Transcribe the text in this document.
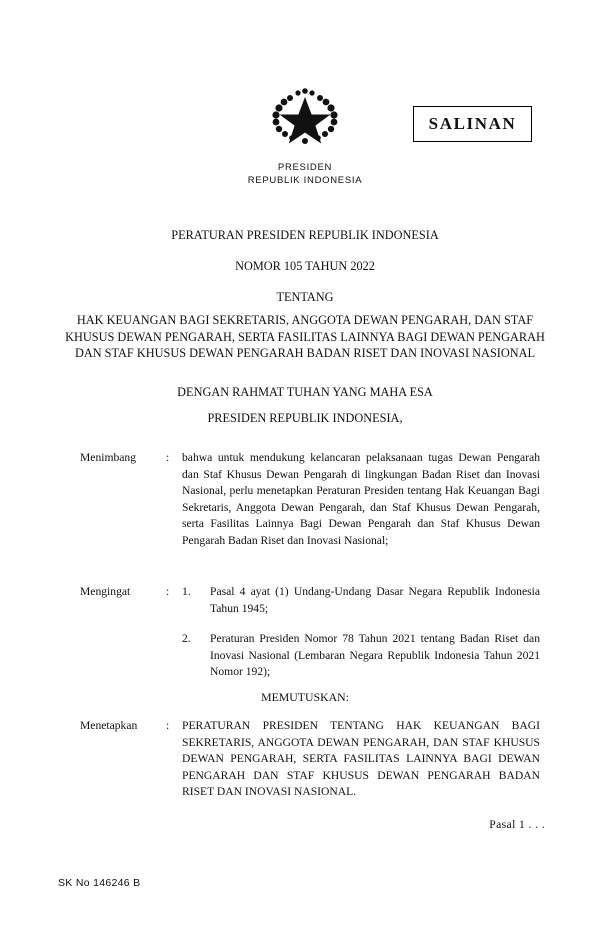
PRESIDEN
REPUBLIK INDONESIA
SALINAN
PERATURAN PRESIDEN REPUBLIK INDONESIA
NOMOR 105 TAHUN 2022
TENTANG
HAK KEUANGAN BAGI SEKRETARIS, ANGGOTA DEWAN PENGARAH, DAN STAF KHUSUS DEWAN PENGARAH, SERTA FASILITAS LAINNYA BAGI DEWAN PENGARAH DAN STAF KHUSUS DEWAN PENGARAH BADAN RISET DAN INOVASI NASIONAL
DENGAN RAHMAT TUHAN YANG MAHA ESA
PRESIDEN REPUBLIK INDONESIA,
Menimbang	:	bahwa untuk mendukung kelancaran pelaksanaan tugas Dewan Pengarah dan Staf Khusus Dewan Pengarah di lingkungan Badan Riset dan Inovasi Nasional, perlu menetapkan Peraturan Presiden tentang Hak Keuangan Bagi Sekretaris, Anggota Dewan Pengarah, dan Staf Khusus Dewan Pengarah, serta Fasilitas Lainnya Bagi Dewan Pengarah dan Staf Khusus Dewan Pengarah Badan Riset dan Inovasi Nasional;
Mengingat	:	1.	Pasal 4 ayat (1) Undang-Undang Dasar Negara Republik Indonesia Tahun 1945;
2.	Peraturan Presiden Nomor 78 Tahun 2021 tentang Badan Riset dan Inovasi Nasional (Lembaran Negara Republik Indonesia Tahun 2021 Nomor 192);
MEMUTUSKAN:
Menetapkan	:	PERATURAN PRESIDEN TENTANG HAK KEUANGAN BAGI SEKRETARIS, ANGGOTA DEWAN PENGARAH, DAN STAF KHUSUS DEWAN PENGARAH, SERTA FASILITAS LAINNYA BAGI DEWAN PENGARAH DAN STAF KHUSUS DEWAN PENGARAH BADAN RISET DAN INOVASI NASIONAL.
Pasal 1 . . .
SK No 146246 B
